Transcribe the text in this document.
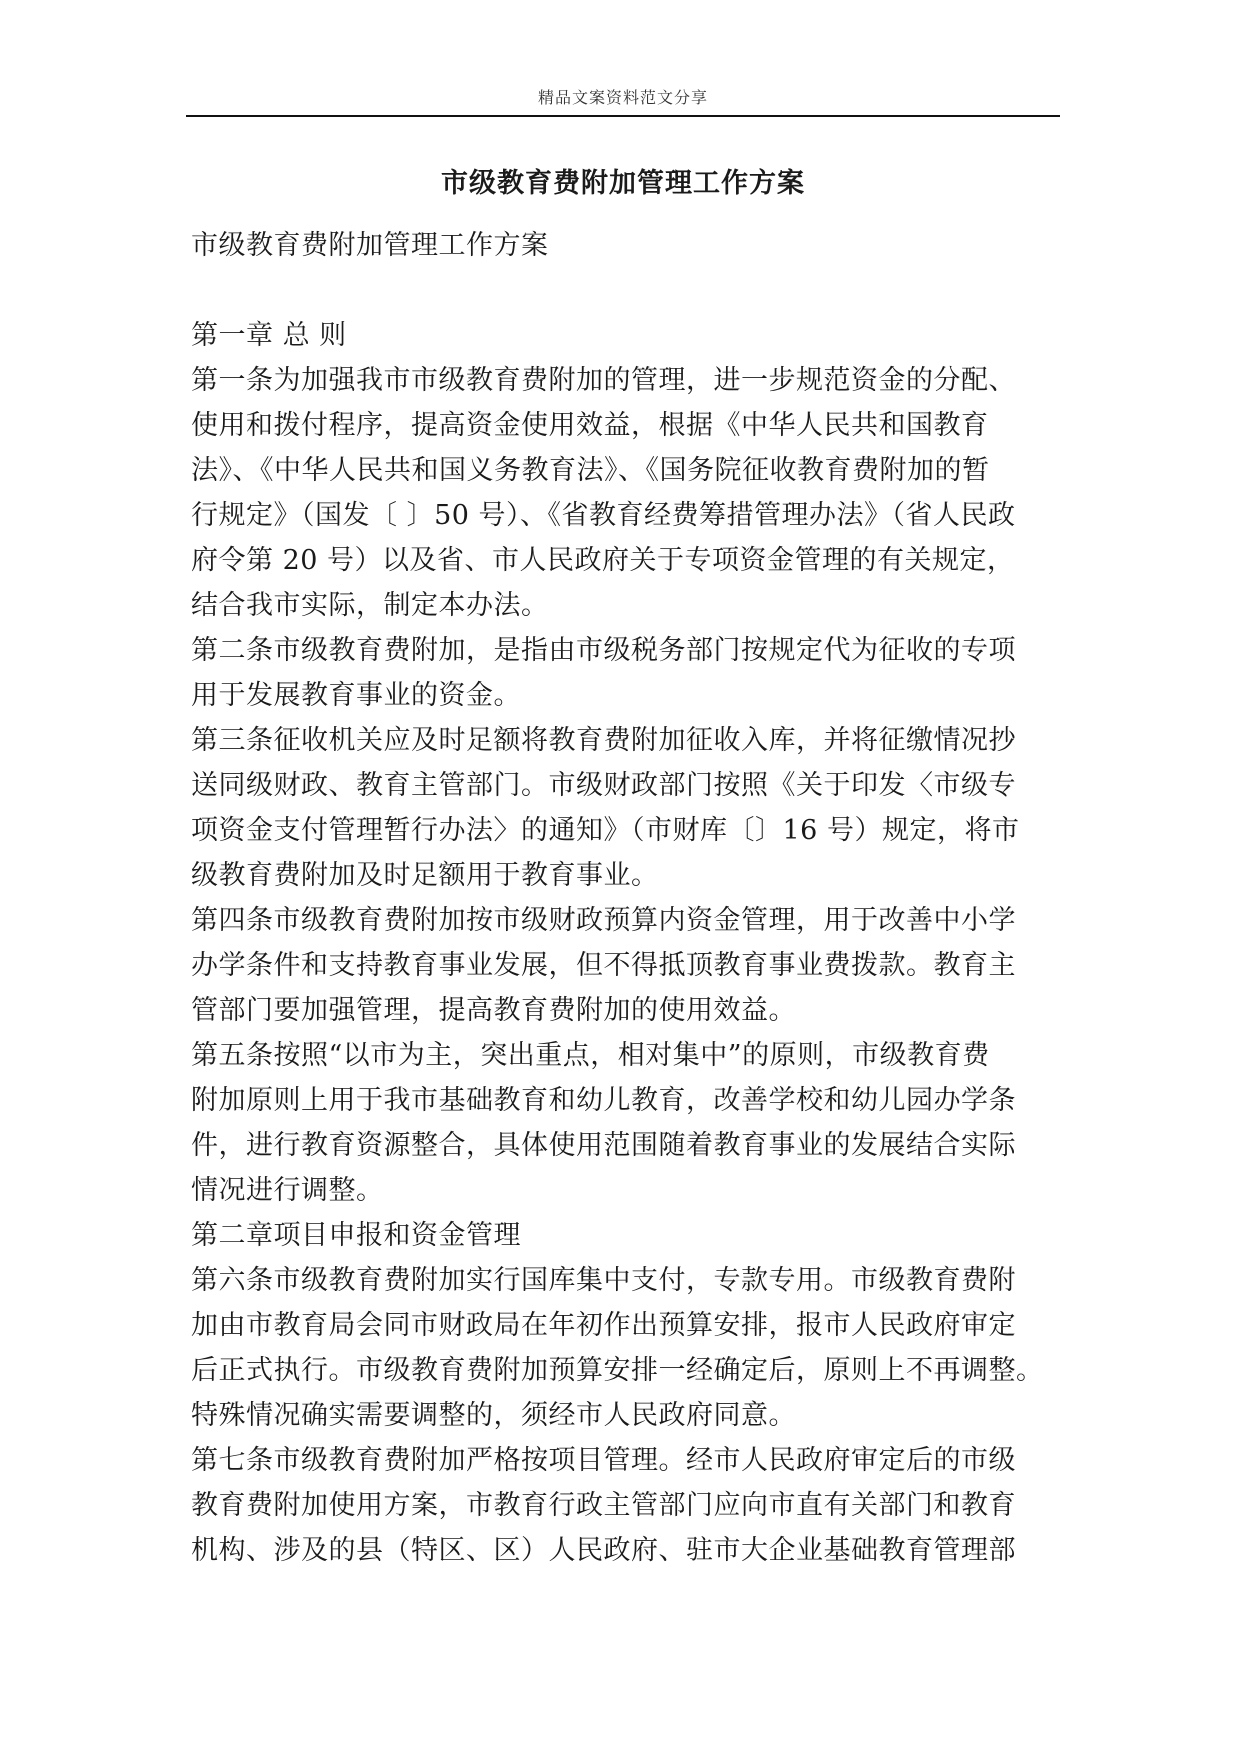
精品文案资料范文分享
市级教育费附加管理工作方案
市级教育费附加管理工作方案
第一章 总 则
第一条为加强我市市级教育费附加的管理，进一步规范资金的分配、
使用和拨付程序，提高资金使用效益，根据《中华人民共和国教育
法》、《中华人民共和国义务教育法》、《国务院征收教育费附加的暂
行规定》（国发〔 〕50 号）、《省教育经费筹措管理办法》（省人民政
府令第 20 号）以及省、市人民政府关于专项资金管理的有关规定，
结合我市实际，制定本办法。
第二条市级教育费附加，是指由市级税务部门按规定代为征收的专项
用于发展教育事业的资金。
第三条征收机关应及时足额将教育费附加征收入库，并将征缴情况抄
送同级财政、教育主管部门。市级财政部门按照《关于印发〈市级专
项资金支付管理暂行办法〉的通知》（市财库〔〕16 号）规定，将市
级教育费附加及时足额用于教育事业。
第四条市级教育费附加按市级财政预算内资金管理，用于改善中小学
办学条件和支持教育事业发展，但不得抵顶教育事业费拨款。教育主
管部门要加强管理，提高教育费附加的使用效益。
第五条按照“以市为主，突出重点，相对集中”的原则，市级教育费
附加原则上用于我市基础教育和幼儿教育，改善学校和幼儿园办学条
件，进行教育资源整合，具体使用范围随着教育事业的发展结合实际
情况进行调整。
第二章项目申报和资金管理
第六条市级教育费附加实行国库集中支付，专款专用。市级教育费附
加由市教育局会同市财政局在年初作出预算安排，报市人民政府审定
后正式执行。市级教育费附加预算安排一经确定后，原则上不再调整。
特殊情况确实需要调整的，须经市人民政府同意。
第七条市级教育费附加严格按项目管理。经市人民政府审定后的市级
教育费附加使用方案，市教育行政主管部门应向市直有关部门和教育
机构、涉及的县（特区、区）人民政府、驻市大企业基础教育管理部
